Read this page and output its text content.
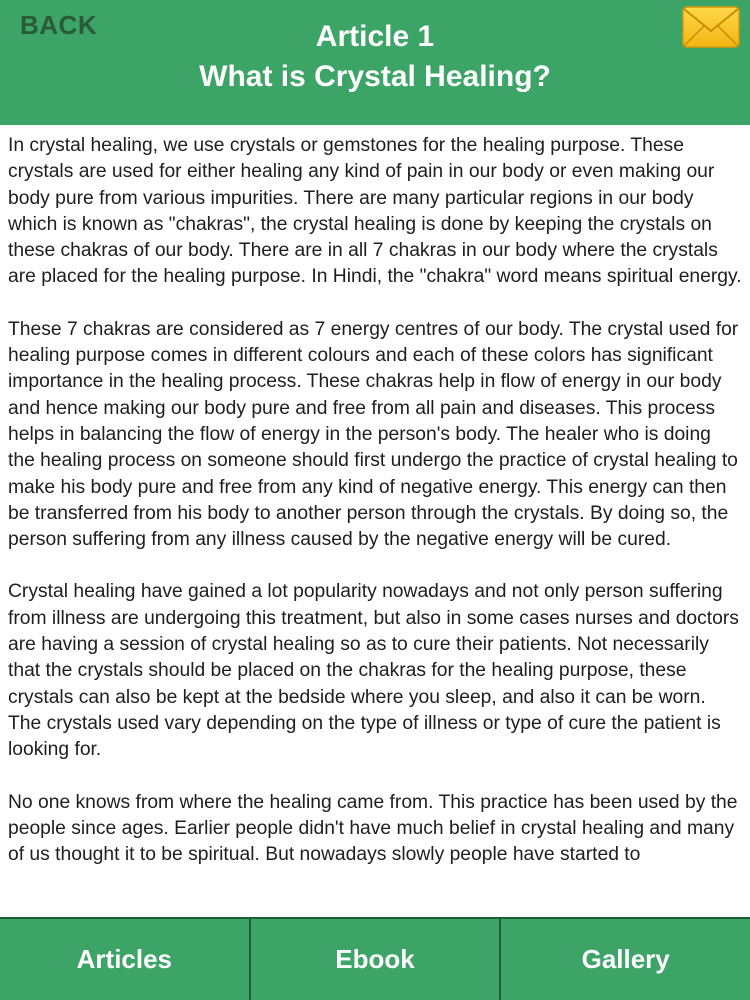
BACK	Article 1
What is Crystal Healing?

In crystal healing, we use crystals or gemstones for the healing purpose. These crystals are used for either healing any kind of pain in our body or even making our body pure from various impurities. There are many particular regions in our body which is known as "chakras", the crystal healing is done by keeping the crystals on these chakras of our body. There are in all 7 chakras in our body where the crystals are placed for the healing purpose. In Hindi, the "chakra" word means spiritual energy.

These 7 chakras are considered as 7 energy centres of our body. The crystal used for healing purpose comes in different colours and each of these colors has significant importance in the healing process. These chakras help in flow of energy in our body and hence making our body pure and free from all pain and diseases. This process helps in balancing the flow of energy in the person's body. The healer who is doing the healing process on someone should first undergo the practice of crystal healing to make his body pure and free from any kind of negative energy. This energy can then be transferred from his body to another person through the crystals. By doing so, the person suffering from any illness caused by the negative energy will be cured.

Crystal healing have gained a lot popularity nowadays and not only person suffering from illness are undergoing this treatment, but also in some cases nurses and doctors are having a session of crystal healing so as to cure their patients. Not necessarily that the crystals should be placed on the chakras for the healing purpose, these crystals can also be kept at the bedside where you sleep, and also it can be worn. The crystals used vary depending on the type of illness or type of cure the patient is looking for.

No one knows from where the healing came from. This practice has been used by the people since ages. Earlier people didn't have much belief in crystal healing and many of us thought it to be spiritual. But nowadays slowly people have started to

Articles	Ebook	Gallery
